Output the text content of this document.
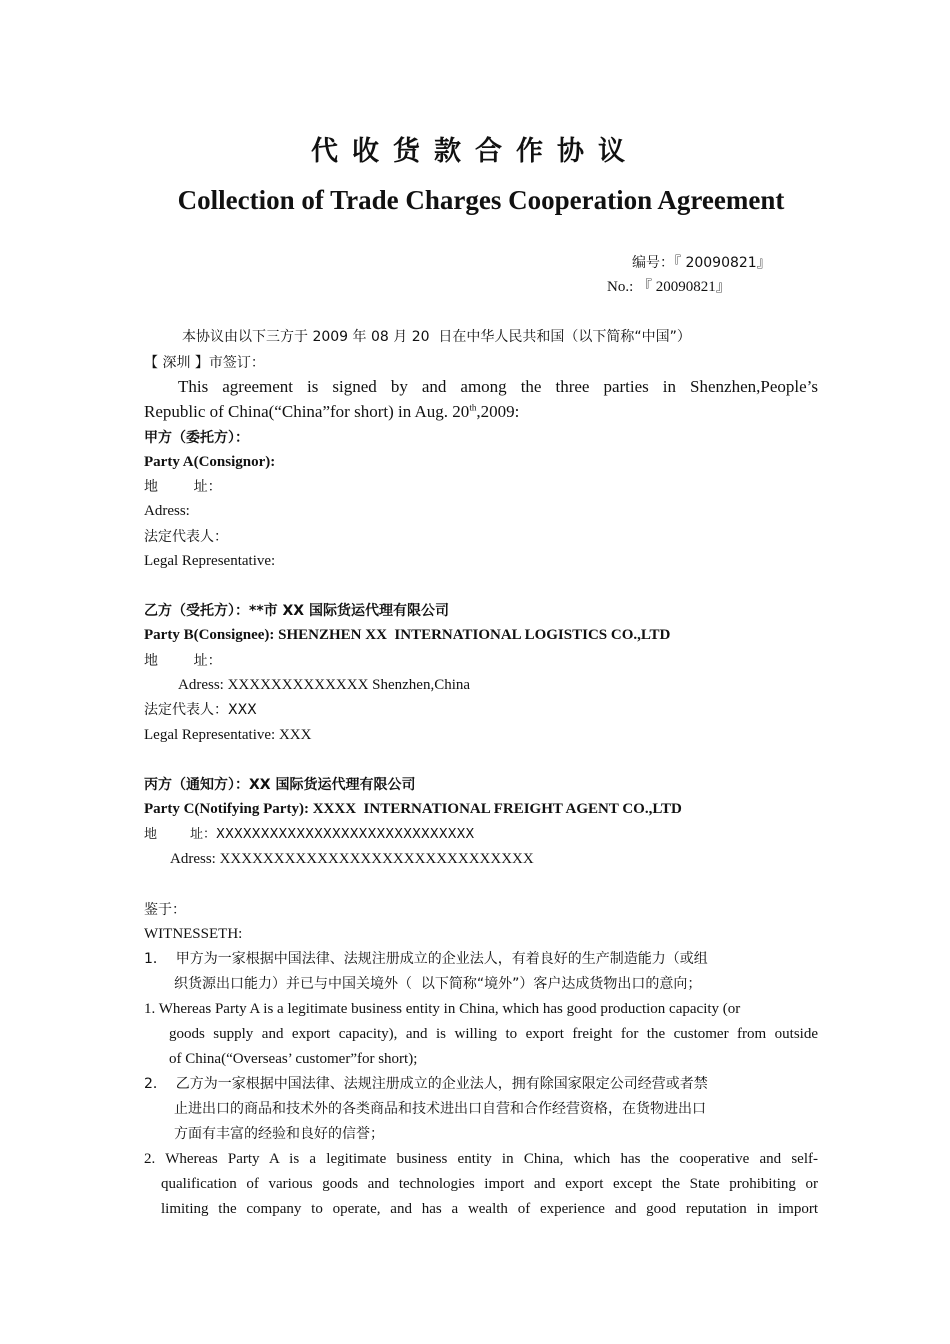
代收货款合作协议
Collection of Trade Charges Cooperation Agreement
编号：『 20090821』
No.: 『 20090821』
本协议由以下三方于 2009 年 08 月 20  日在中华人民共和国（以下简称“中国”）
【 深圳 】市签订：
This agreement is signed by and among the three parties in Shenzhen,People’s
Republic of China(“China”for short) in Aug. 20th,2009:
甲方（委托方）：
Party A(Consignor):
地        址：
Adress:
法定代表人：
Legal Representative:
乙方（受托方）：**市 XX 国际货运代理有限公司
Party B(Consignee): SHENZHEN XX  INTERNATIONAL LOGISTICS CO.,LTD
地        址：
Adress: XXXXXXXXXXXXX Shenzhen,China
法定代表人：XXX
Legal Representative: XXX
丙方（通知方）：XX 国际货运代理有限公司
Party C(Notifying Party): XXXX  INTERNATIONAL FREIGHT AGENT CO.,LTD
地        址：XXXXXXXXXXXXXXXXXXXXXXXXXXXXX
Adress: XXXXXXXXXXXXXXXXXXXXXXXXXXXXX
鉴于：
WITNESSETH:
1．  甲方为一家根据中国法律、法规注册成立的企业法人，有着良好的生产制造能力（或组
织货源出口能力）并已与中国关境外（  以下简称“境外”）客户达成货物出口的意向；
1. Whereas Party A is a legitimate business entity in China, which has good production capacity (or
goods supply and export capacity), and is willing to export freight for the customer from outside
of China(“Overseas’ customer”for short);
2．  乙方为一家根据中国法律、法规注册成立的企业法人，拥有除国家限定公司经营或者禁
止进出口的商品和技术外的各类商品和技术进出口自营和合作经营资格，在货物进出口
方面有丰富的经验和良好的信誉；
2. Whereas Party A is a legitimate business entity in China, which has the cooperative and self-
qualification of various goods and technologies import and export except the State prohibiting or
limiting the company to operate, and has a wealth of experience and good reputation in import
